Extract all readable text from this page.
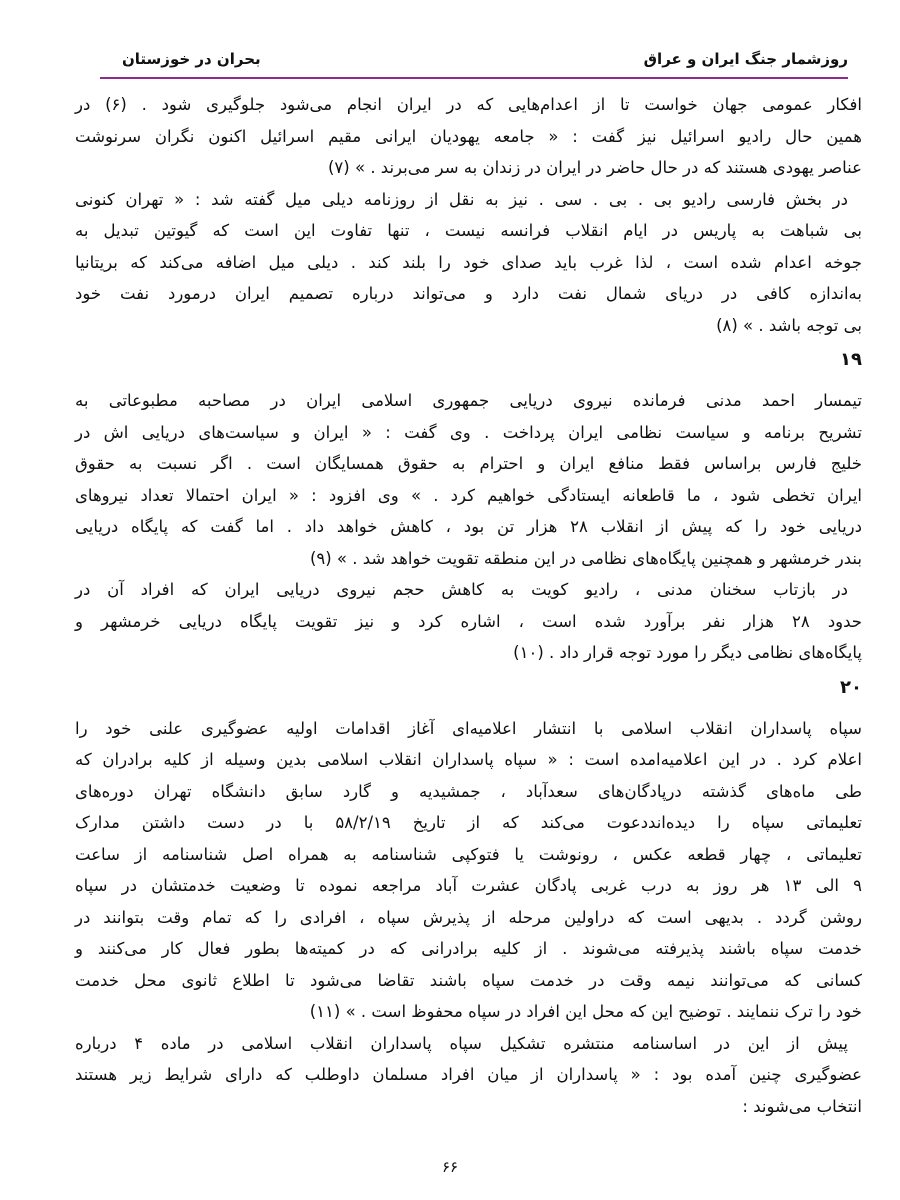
روزشمار جنگ ایران و عراق
بحران در خوزستان
افکار عمومی جهان خواست تا از اعدام‌هایی که در ایران انجام می‌شود جلوگیری شود . (۶) در
همین حال رادیو اسرائیل نیز گفت : « جامعه یهودیان ایرانی مقیم اسرائیل اکنون نگران سرنوشت
عناصر یهودی هستند که در حال حاضر در ایران در زندان به سر می‌برند . » (۷)
در بخش فارسی رادیو بی . بی . سی . نیز به نقل از روزنامه دیلی میل گفته شد : « تهران کنونی
بی شباهت به پاریس در ایام انقلاب فرانسه نیست ، تنها تفاوت این است که گیوتین تبدیل به
جوخه اعدام شده است ، لذا غرب باید صدای خود را بلند کند . دیلی میل اضافه می‌کند که بریتانیا
به‌اندازه کافی در دریای شمال نفت دارد و می‌تواند درباره تصمیم ایران درمورد نفت خود
بی توجه باشد . » (۸)
۱۹
تیمسار احمد مدنی فرمانده نیروی دریایی جمهوری اسلامی ایران در مصاحبه مطبوعاتی به
تشریح برنامه و سیاست نظامی ایران پرداخت . وی گفت : « ایران و سیاست‌های دریایی اش در
خلیج فارس براساس فقط منافع ایران و احترام به حقوق همسایگان است . اگر نسبت به حقوق
ایران تخطی شود ، ما قاطعانه ایستادگی خواهیم کرد . » وی افزود : « ایران احتمالا تعداد نیروهای
دریایی خود را که پیش از انقلاب ۲۸ هزار تن بود ، کاهش خواهد داد . اما گفت که پایگاه دریایی
بندر خرمشهر و همچنین پایگاه‌های نظامی در این منطقه تقویت خواهد شد . » (۹)
در بازتاب سخنان مدنی ، رادیو کویت به کاهش حجم نیروی دریایی ایران که افراد آن در
حدود ۲۸ هزار نفر برآورد شده است ، اشاره کرد و نیز تقویت پایگاه دریایی خرمشهر و
پایگاه‌های نظامی دیگر را مورد توجه قرار داد . (۱۰)
۲۰
سپاه پاسداران انقلاب اسلامی با انتشار اعلامیه‌ای آغاز اقدامات اولیه عضوگیری علنی خود را
اعلام کرد . در این اعلامیه‌امده است : « سپاه پاسداران انقلاب اسلامی بدین وسیله از کلیه برادران که
طی ماه‌های گذشته درپادگان‌های سعدآباد ، جمشیدیه و گارد سابق دانشگاه تهران دوره‌های
تعلیماتی سپاه را دیده‌انددعوت می‌کند که از تاریخ ۵۸/۲/۱۹ با در دست داشتن مدارک
تعلیماتی ، چهار قطعه عکس ، رونوشت یا فتوکپی شناسنامه به همراه اصل شناسنامه از ساعت
۹ الی ۱۳ هر روز به درب غربی پادگان عشرت آباد مراجعه نموده تا وضعیت خدمتشان در سپاه
روشن گردد . بدیهی است که دراولین مرحله از پذیرش سپاه ، افرادی را که تمام وقت بتوانند در
خدمت سپاه باشند پذیرفته می‌شوند . از کلیه برادرانی که در کمیته‌ها بطور فعال کار می‌کنند و
کسانی که می‌توانند نیمه وقت در خدمت سپاه باشند تقاضا می‌شود تا اطلاع ثانوی محل خدمت
خود را ترک ننمایند . توضیح این که محل این افراد در سپاه محفوظ است . » (۱۱)
پیش از این در اساسنامه منتشره تشکیل سپاه پاسداران انقلاب اسلامی در ماده ۴ درباره
عضوگیری چنین آمده بود : « پاسداران از میان افراد مسلمان داوطلب که دارای شرایط زیر هستند
انتخاب می‌شوند :
۶۶
